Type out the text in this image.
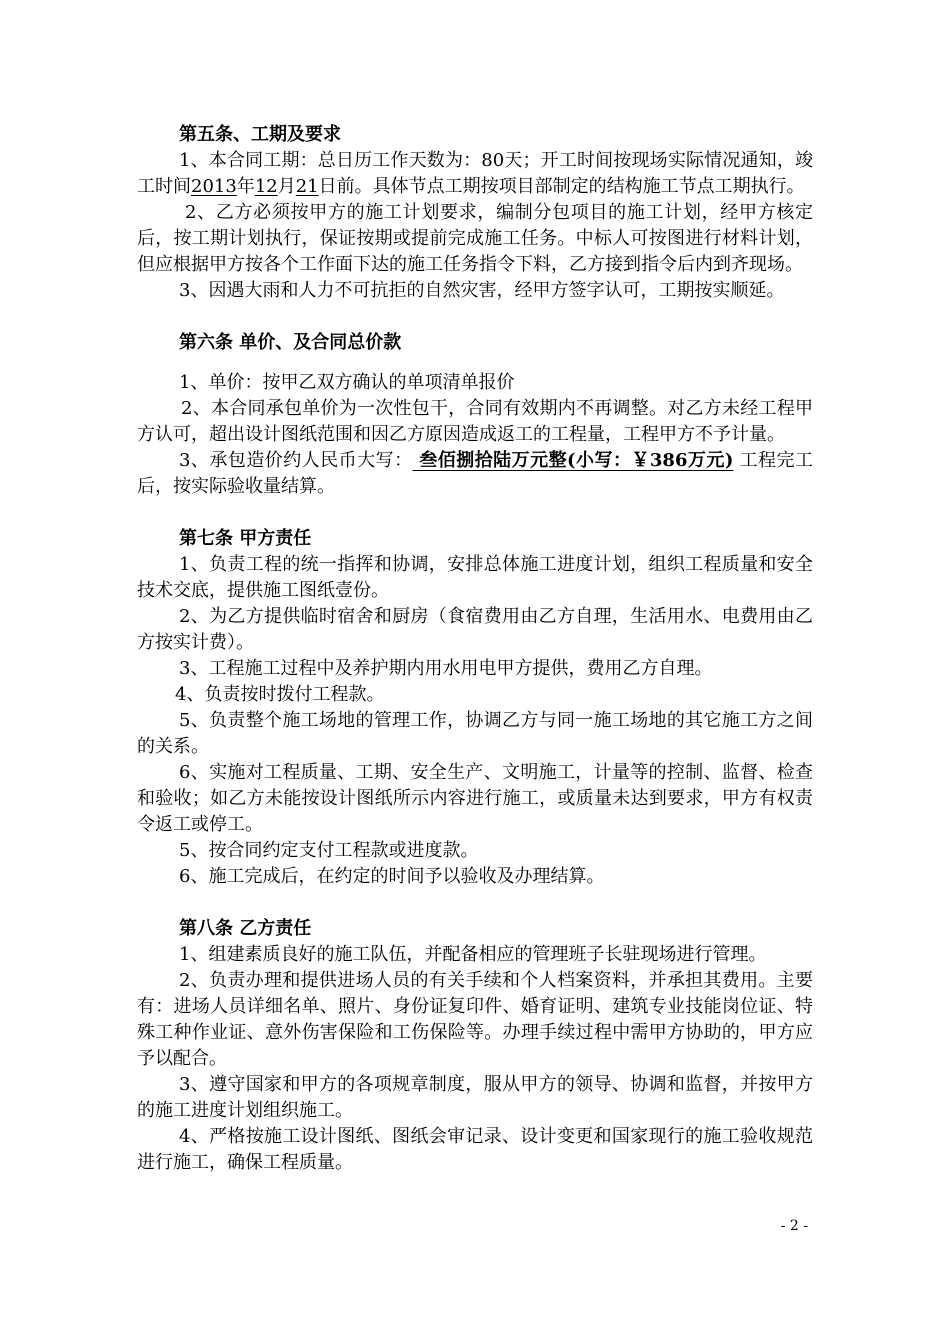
第五条、工期及要求
1、本合同工期：总日历工作天数为：80天；开工时间按现场实际情况通知，竣工时间2013年12月21日前。具体节点工期按项目部制定的结构施工节点工期执行。
2、乙方必须按甲方的施工计划要求，编制分包项目的施工计划，经甲方核定后，按工期计划执行，保证按期或提前完成施工任务。中标人可按图进行材料计划，但应根据甲方按各个工作面下达的施工任务指令下料，乙方接到指令后内到齐现场。
3、因遇大雨和人力不可抗拒的自然灾害，经甲方签字认可，工期按实顺延。
第六条 单价、及合同总价款
1、单价：按甲乙双方确认的单项清单报价
2、本合同承包单价为一次性包干，合同有效期内不再调整。对乙方未经工程甲方认可，超出设计图纸范围和因乙方原因造成返工的工程量，工程甲方不予计量。
3、承包造价约人民币大写： 叁佰捌拾陆万元整(小写：￥386万元) 工程完工后，按实际验收量结算。
第七条 甲方责任
1、负责工程的统一指挥和协调，安排总体施工进度计划，组织工程质量和安全技术交底，提供施工图纸壹份。
2、为乙方提供临时宿舍和厨房（食宿费用由乙方自理，生活用水、电费用由乙方按实计费）。
3、工程施工过程中及养护期内用水用电甲方提供，费用乙方自理。
4、负责按时拨付工程款。
5、负责整个施工场地的管理工作，协调乙方与同一施工场地的其它施工方之间的关系。
6、实施对工程质量、工期、安全生产、文明施工，计量等的控制、监督、检查和验收；如乙方未能按设计图纸所示内容进行施工，或质量未达到要求，甲方有权责令返工或停工。
5、按合同约定支付工程款或进度款。
6、施工完成后，在约定的时间予以验收及办理结算。
第八条 乙方责任
1、组建素质良好的施工队伍，并配备相应的管理班子长驻现场进行管理。
2、负责办理和提供进场人员的有关手续和个人档案资料，并承担其费用。主要有：进场人员详细名单、照片、身份证复印件、婚育证明、建筑专业技能岗位证、特殊工种作业证、意外伤害保险和工伤保险等。办理手续过程中需甲方协助的，甲方应予以配合。
3、遵守国家和甲方的各项规章制度，服从甲方的领导、协调和监督，并按甲方的施工进度计划组织施工。
4、严格按施工设计图纸、图纸会审记录、设计变更和国家现行的施工验收规范进行施工，确保工程质量。
- 2 -
